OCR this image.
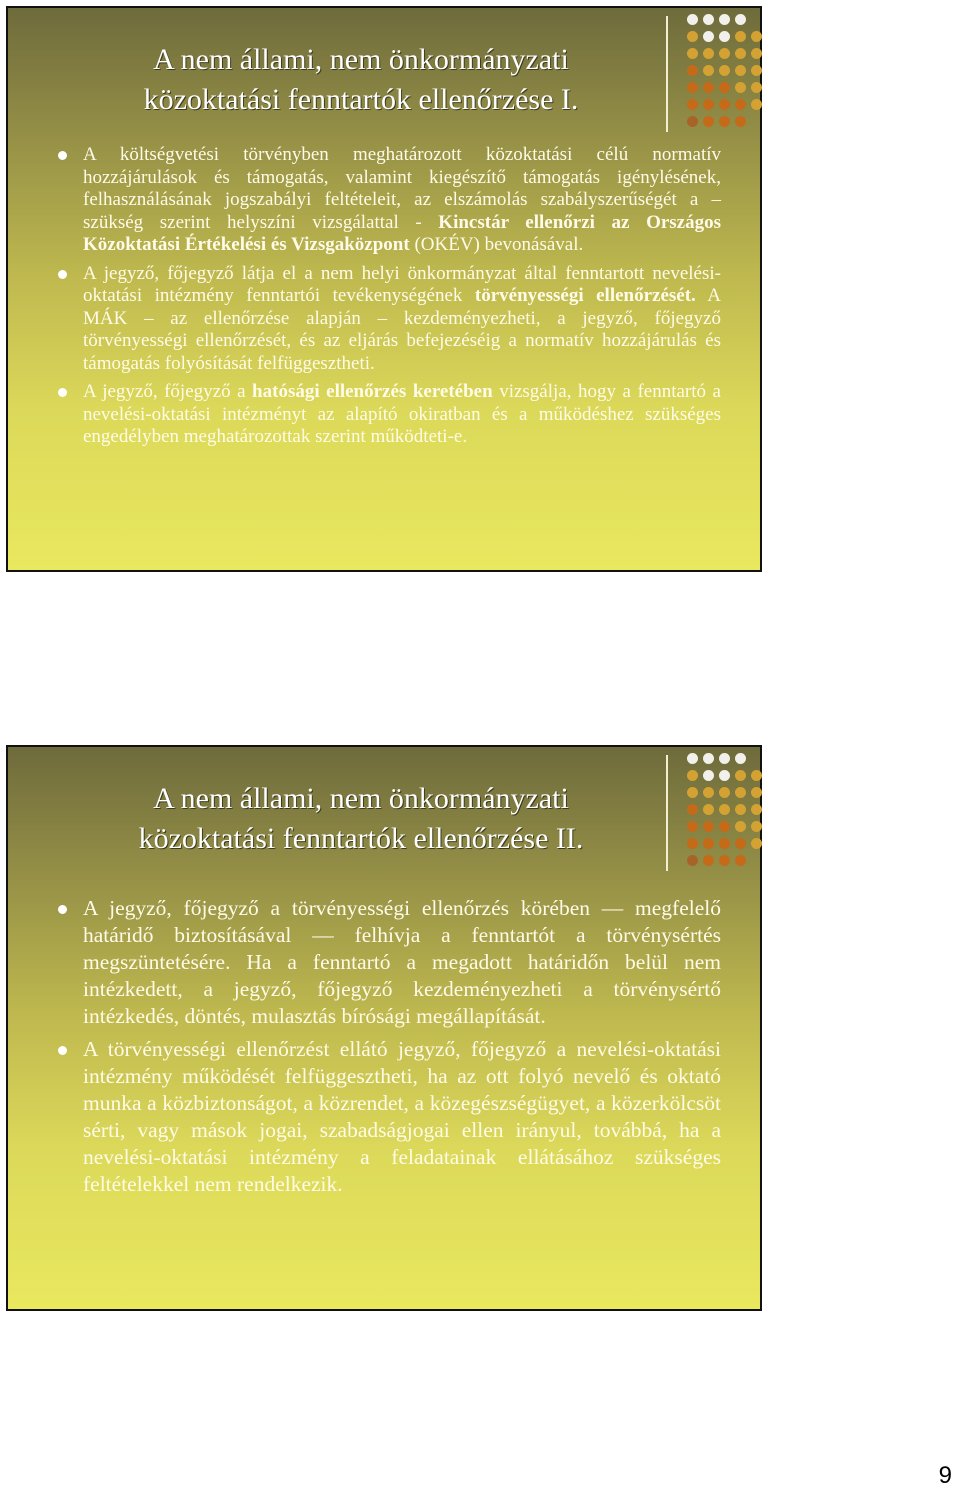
A nem állami, nem önkormányzati
közoktatási fenntartók ellenőrzése I.
A költségvetési törvényben meghatározott közoktatási célú normatív hozzájárulások és támogatás, valamint kiegészítő támogatás igénylésének, felhasználásának jogszabályi feltételeit, az elszámolás szabályszerűségét a – szükség szerint helyszíni vizsgálattal - Kincstár ellenőrzi az Országos Közoktatási Értékelési és Vizsgaközpont (OKÉV) bevonásával.
A jegyző, főjegyző látja el a nem helyi önkormányzat által fenntartott nevelési-oktatási intézmény fenntartói tevékenységének törvényességi ellenőrzését. A MÁK – az ellenőrzése alapján – kezdeményezheti, a jegyző, főjegyző törvényességi ellenőrzését, és az eljárás befejezéséig a normatív hozzájárulás és támogatás folyósítását felfüggesztheti.
A jegyző, főjegyző a hatósági ellenőrzés keretében vizsgálja, hogy a fenntartó a nevelési-oktatási intézményt az alapító okiratban és a működéshez szükséges engedélyben meghatározottak szerint működteti-e.
A nem állami, nem önkormányzati
közoktatási fenntartók ellenőrzése II.
A jegyző, főjegyző a törvényességi ellenőrzés körében –– megfelelő határidő biztosításával –– felhívja a fenntartót a törvénysértés megszüntetésére. Ha a fenntartó a megadott határidőn belül nem intézkedett, a jegyző, főjegyző kezdeményezheti a törvénysértő intézkedés, döntés, mulasztás bírósági megállapítását.
A törvényességi ellenőrzést ellátó jegyző, főjegyző a nevelési-oktatási intézmény működését felfüggesztheti, ha az ott folyó nevelő és oktató munka a közbiztonságot, a közrendet, a közegészségügyet, a közerkölcsöt sérti, vagy mások jogai, szabadságjogai ellen irányul, továbbá, ha a nevelési-oktatási intézmény a feladatainak ellátásához szükséges feltételekkel nem rendelkezik.
9
